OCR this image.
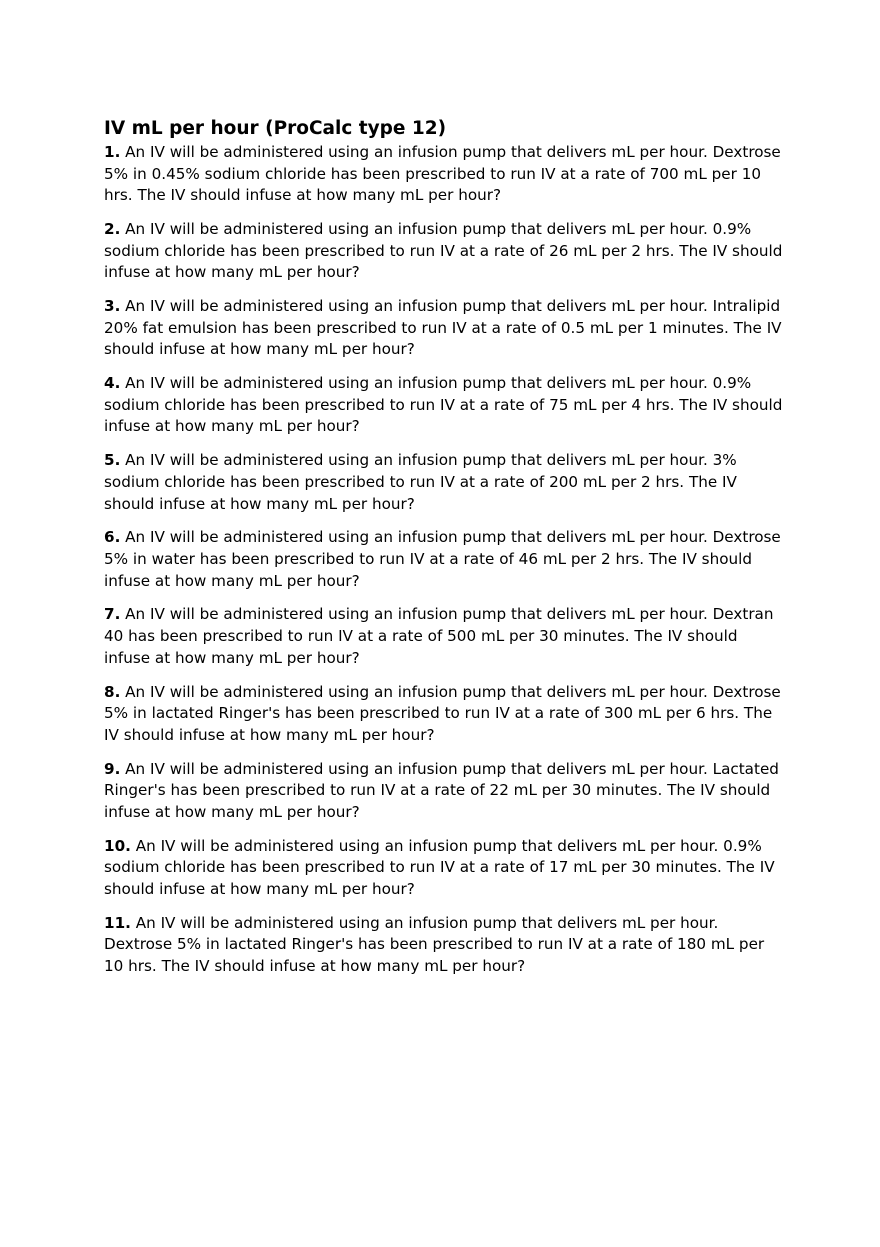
IV mL per hour (ProCalc type 12)

1. An IV will be administered using an infusion pump that delivers mL per hour. Dextrose 5% in 0.45% sodium chloride has been prescribed to run IV at a rate of 700 mL per 10 hrs. The IV should infuse at how many mL per hour?

2. An IV will be administered using an infusion pump that delivers mL per hour. 0.9% sodium chloride has been prescribed to run IV at a rate of 26 mL per 2 hrs. The IV should infuse at how many mL per hour?

3. An IV will be administered using an infusion pump that delivers mL per hour. Intralipid 20% fat emulsion has been prescribed to run IV at a rate of 0.5 mL per 1 minutes. The IV should infuse at how many mL per hour?

4. An IV will be administered using an infusion pump that delivers mL per hour. 0.9% sodium chloride has been prescribed to run IV at a rate of 75 mL per 4 hrs. The IV should infuse at how many mL per hour?

5. An IV will be administered using an infusion pump that delivers mL per hour. 3% sodium chloride has been prescribed to run IV at a rate of 200 mL per 2 hrs. The IV should infuse at how many mL per hour?

6. An IV will be administered using an infusion pump that delivers mL per hour. Dextrose 5% in water has been prescribed to run IV at a rate of 46 mL per 2 hrs. The IV should infuse at how many mL per hour?

7. An IV will be administered using an infusion pump that delivers mL per hour. Dextran 40 has been prescribed to run IV at a rate of 500 mL per 30 minutes. The IV should infuse at how many mL per hour?

8. An IV will be administered using an infusion pump that delivers mL per hour. Dextrose 5% in lactated Ringer's has been prescribed to run IV at a rate of 300 mL per 6 hrs. The IV should infuse at how many mL per hour?

9. An IV will be administered using an infusion pump that delivers mL per hour. Lactated Ringer's has been prescribed to run IV at a rate of 22 mL per 30 minutes. The IV should infuse at how many mL per hour?

10. An IV will be administered using an infusion pump that delivers mL per hour. 0.9% sodium chloride has been prescribed to run IV at a rate of 17 mL per 30 minutes. The IV should infuse at how many mL per hour?

11. An IV will be administered using an infusion pump that delivers mL per hour. Dextrose 5% in lactated Ringer's has been prescribed to run IV at a rate of 180 mL per 10 hrs. The IV should infuse at how many mL per hour?
